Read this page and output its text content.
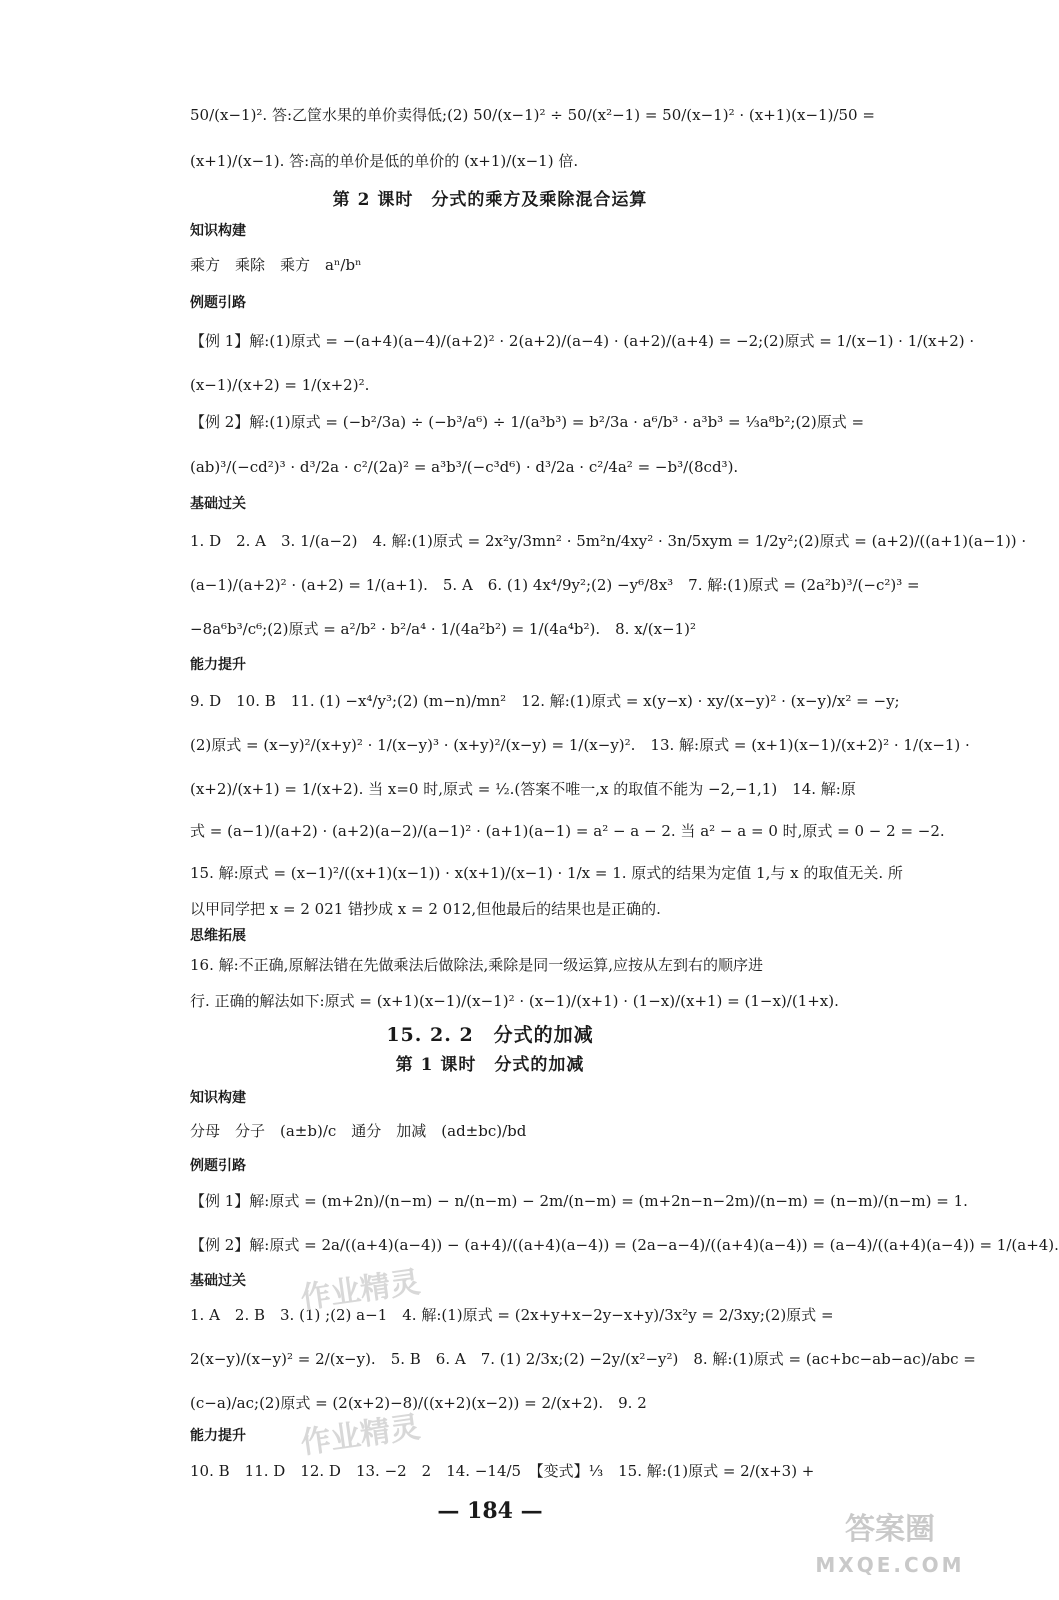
50/(x−1)². 答:乙筐水果的单价卖得低;(2) 50/(x−1)² ÷ 50/(x²−1) = 50/(x−1)² · (x+1)(x−1)/50 =
(x+1)/(x−1). 答:高的单价是低的单价的 (x+1)/(x−1) 倍.
第 2 课时　分式的乘方及乘除混合运算
知识构建
乘方　乘除　乘方　aⁿ/bⁿ
例题引路
【例 1】解:(1)原式 = −(a+4)(a−4)/(a+2)² · 2(a+2)/(a−4) · (a+2)/(a+4) = −2;(2)原式 = 1/(x−1) · 1/(x+2) ·
(x−1)/(x+2) = 1/(x+2)².
【例 2】解:(1)原式 = (−b²/3a) ÷ (−b³/a⁶) ÷ 1/(a³b³) = b²/3a · a⁶/b³ · a³b³ = ⅓a⁸b²;(2)原式 =
(ab)³/(−cd²)³ · d³/2a · c²/(2a)² = a³b³/(−c³d⁶) · d³/2a · c²/4a² = −b³/(8cd³).
基础过关
1. D　2. A　3. 1/(a−2)　4. 解:(1)原式 = 2x²y/3mn² · 5m²n/4xy² · 3n/5xym = 1/2y²;(2)原式 = (a+2)/((a+1)(a−1)) ·
(a−1)/(a+2)² · (a+2) = 1/(a+1).　5. A　6. (1) 4x⁴/9y²;(2) −y⁶/8x³　7. 解:(1)原式 = (2a²b)³/(−c²)³ =
−8a⁶b³/c⁶;(2)原式 = a²/b² · b²/a⁴ · 1/(4a²b²) = 1/(4a⁴b²).　8. x/(x−1)²
能力提升
9. D　10. B　11. (1) −x⁴/y³;(2) (m−n)/mn²　12. 解:(1)原式 = x(y−x) · xy/(x−y)² · (x−y)/x² = −y;
(2)原式 = (x−y)²/(x+y)² · 1/(x−y)³ · (x+y)²/(x−y) = 1/(x−y)².　13. 解:原式 = (x+1)(x−1)/(x+2)² · 1/(x−1) ·
(x+2)/(x+1) = 1/(x+2). 当 x=0 时,原式 = ½.(答案不唯一,x 的取值不能为 −2,−1,1)　14. 解:原
式 = (a−1)/(a+2) · (a+2)(a−2)/(a−1)² · (a+1)(a−1) = a² − a − 2. 当 a² − a = 0 时,原式 = 0 − 2 = −2.
15. 解:原式 = (x−1)²/((x+1)(x−1)) · x(x+1)/(x−1) · 1/x = 1. 原式的结果为定值 1,与 x 的取值无关. 所
以甲同学把 x = 2 021 错抄成 x = 2 012,但他最后的结果也是正确的.
思维拓展
16. 解:不正确,原解法错在先做乘法后做除法,乘除是同一级运算,应按从左到右的顺序进
行. 正确的解法如下:原式 = (x+1)(x−1)/(x−1)² · (x−1)/(x+1) · (1−x)/(x+1) = (1−x)/(1+x).
15. 2. 2　分式的加减
第 1 课时　分式的加减
知识构建
分母　分子　(a±b)/c　通分　加减　(ad±bc)/bd
例题引路
【例 1】解:原式 = (m+2n)/(n−m) − n/(n−m) − 2m/(n−m) = (m+2n−n−2m)/(n−m) = (n−m)/(n−m) = 1.
【例 2】解:原式 = 2a/((a+4)(a−4)) − (a+4)/((a+4)(a−4)) = (2a−a−4)/((a+4)(a−4)) = (a−4)/((a+4)(a−4)) = 1/(a+4).
基础过关
1. A　2. B　3. (1) ;(2) a−1　4. 解:(1)原式 = (2x+y+x−2y−x+y)/3x²y = 2/3xy;(2)原式 =
2(x−y)/(x−y)² = 2/(x−y).　5. B　6. A　7. (1) 2/3x;(2) −2y/(x²−y²)　8. 解:(1)原式 = (ac+bc−ab−ac)/abc =
(c−a)/ac;(2)原式 = (2(x+2)−8)/((x+2)(x−2)) = 2/(x+2).　9. 2
能力提升
10. B　11. D　12. D　13. −2　2　14. −14/5　【变式】⅓　15. 解:(1)原式 = 2/(x+3) +
— 184 —
作业精灵
作业精灵
答案圈
MXQE.COM
